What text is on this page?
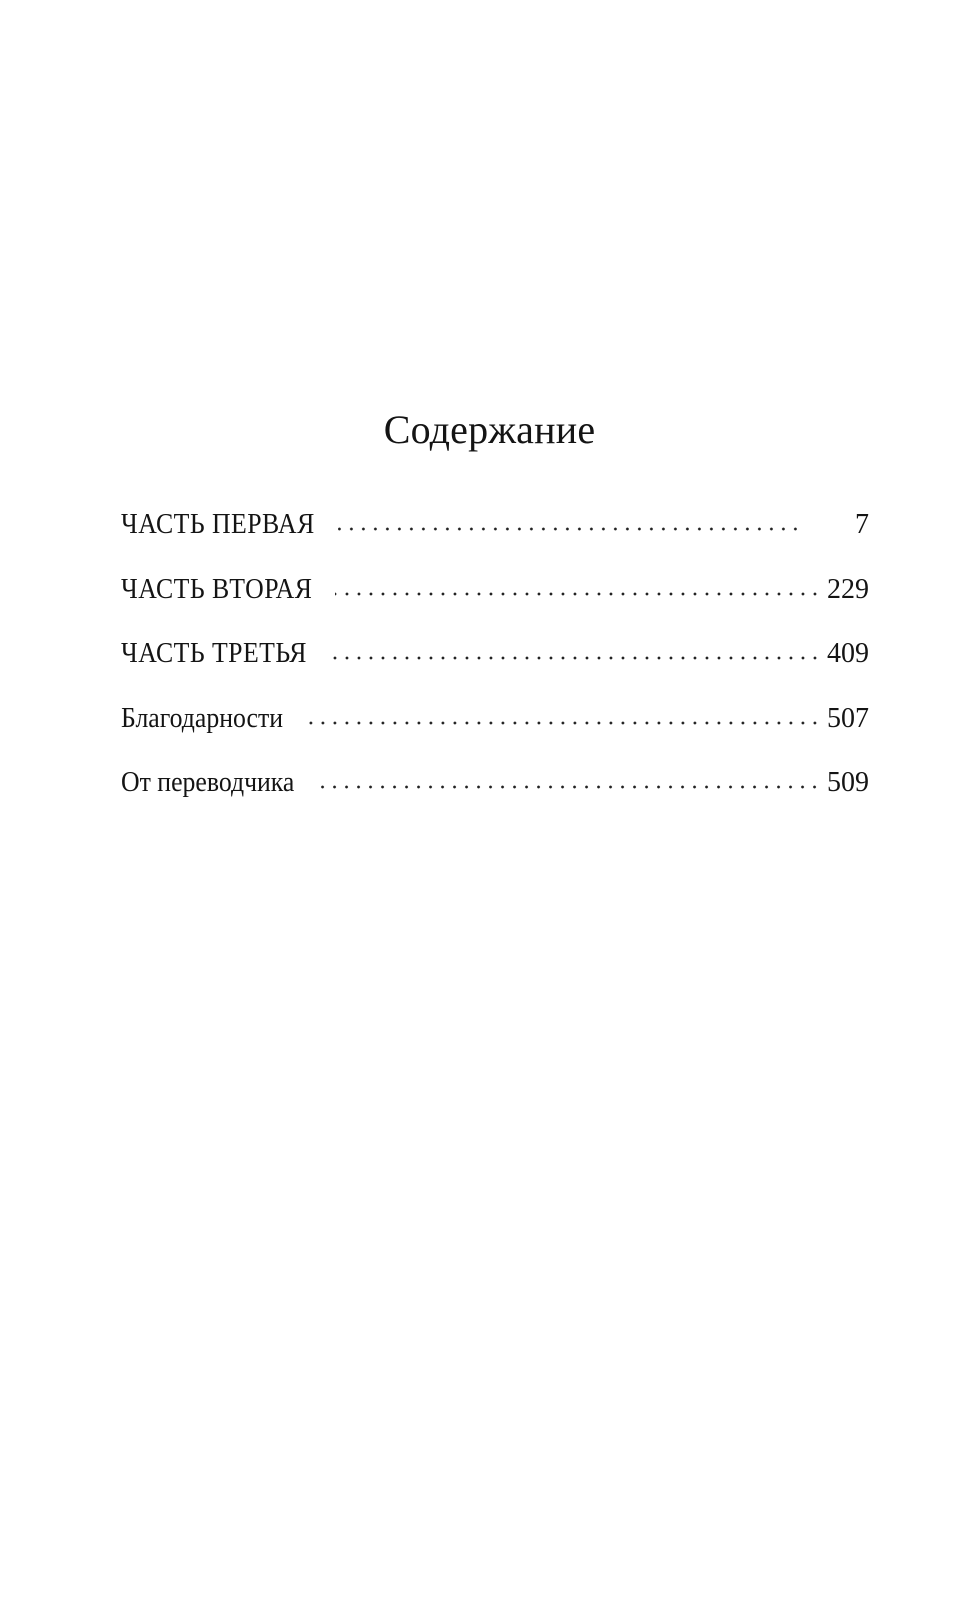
Содержание
ЧАСТЬ ПЕРВАЯ	7
ЧАСТЬ ВТОРАЯ	229
ЧАСТЬ ТРЕТЬЯ	409
Благодарности	507
От переводчика	509
